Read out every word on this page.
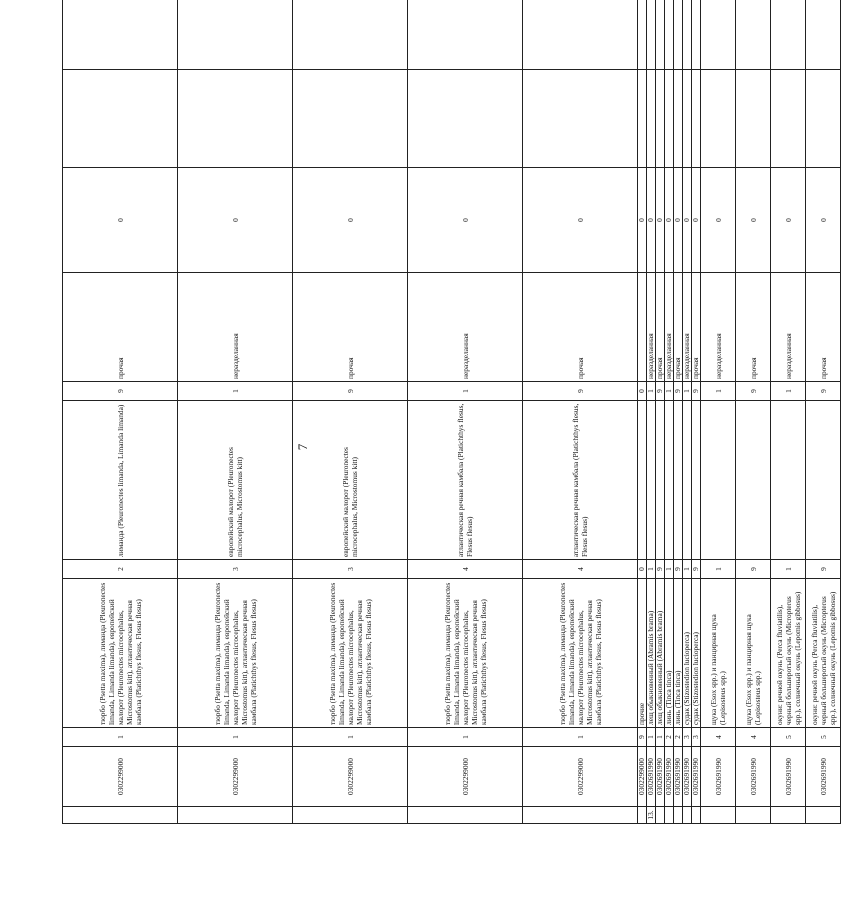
7
	0302299000	1	тюрбо (Psetta maxima), лиманда (Pleuronectes limanda, Limanda limanda), европейский малорот (Pleuronectes microcephalus, Microstomus kitt), атлантическая речная камбала (Platichthys flesus, Flesus flesus)	2	лиманда (Pleuronectes limanda, Limanda limanda)	9	прочая	0		
	0302299000	1	тюрбо (Psetta maxima), лиманда (Pleuronectes limanda, Limanda limanda), европейский малорот (Pleuronectes microcephalus, Microstomus kitt), атлантическая речная камбала (Platichthys flesus, Flesus flesus)	3	европейский малорот (Pleuronectes microcephalus, Microstomus kitt)	1	неразделанная	0		
	0302299000	1	тюрбо (Psetta maxima), лиманда (Pleuronectes limanda, Limanda limanda), европейский малорот (Pleuronectes microcephalus, Microstomus kitt), атлантическая речная камбала (Platichthys flesus, Flesus flesus)	3	европейский малорот (Pleuronectes microcephalus, Microstomus kitt)	9	прочая	0		
	0302299000	1	тюрбо (Psetta maxima), лиманда (Pleuronectes limanda, Limanda limanda), европейский малорот (Pleuronectes microcephalus, Microstomus kitt), атлантическая речная камбала (Platichthys flesus, Flesus flesus)	4	атлантическая речная камбала (Platichthys flesus, Flesus flesus)	1	неразделанная	0		
	0302299000	1	тюрбо (Psetta maxima), лиманда (Pleuronectes limanda, Limanda limanda), европейский малорот (Pleuronectes microcephalus, Microstomus kitt), атлантическая речная камбала (Platichthys flesus, Flesus flesus)	4	атлантическая речная камбала (Platichthys flesus, Flesus flesus)	9	прочая	0		
	0302299000	9	прочие	0		0		0		
13.	0302691990	1	лещ обыкновенный (Abramis brama)	1		1	неразделанная	0		
	0302691990	1	лещ обыкновенный (Abramis brama)	9		9	прочая	0		
	0302691990	2	линь (Tinca tinca)	1		1	неразделанная	0		
	0302691990	2	линь (Tinca tinca)	9		9	прочая	0		
	0302691990	3	судак (Stizostedion lucioperca)	1		1	неразделанная	0		
	0302691990	3	судак (Stizostedion lucioperca)	9		9	прочая	0		
	0302691990	4	щука (Esox spp.) и панцирная щука (Lepisosteus spp.)	1		1	неразделанная	0		
	0302691990	4	щука (Esox spp.) и панцирная щука (Lepisosteus spp.)	9		9	прочая	0		
	0302691990	5	окуни: речной окунь (Perca fluviatilis), черный большеротый окунь (Micropterus spp.), солнечный окунь (Lepomis gibbosus)	1		1	неразделанная	0		
	0302691990	5	окуни: речной окунь (Perca fluviatilis), черный большеротый окунь (Micropterus spp.), солнечный окунь (Lepomis gibbosus)	9		9	прочая	0		
